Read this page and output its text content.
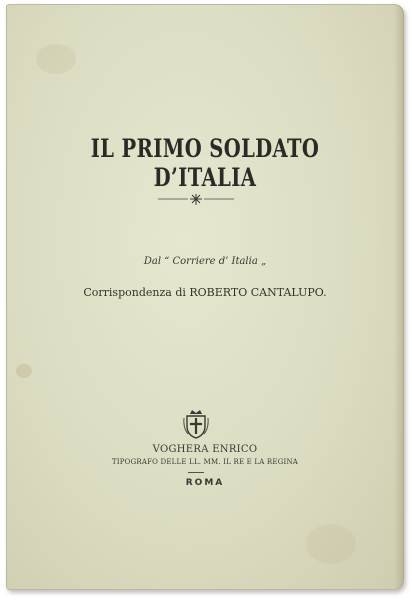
IL PRIMO SOLDATO D’ITALIA
Dal “ Corriere d’ Italia „
Corrispondenza di ROBERTO CANTALUPO.
VOGHERA ENRICO
TIPOGRAFO DELLE LL. MM. IL RE E LA REGINA
ROMA
